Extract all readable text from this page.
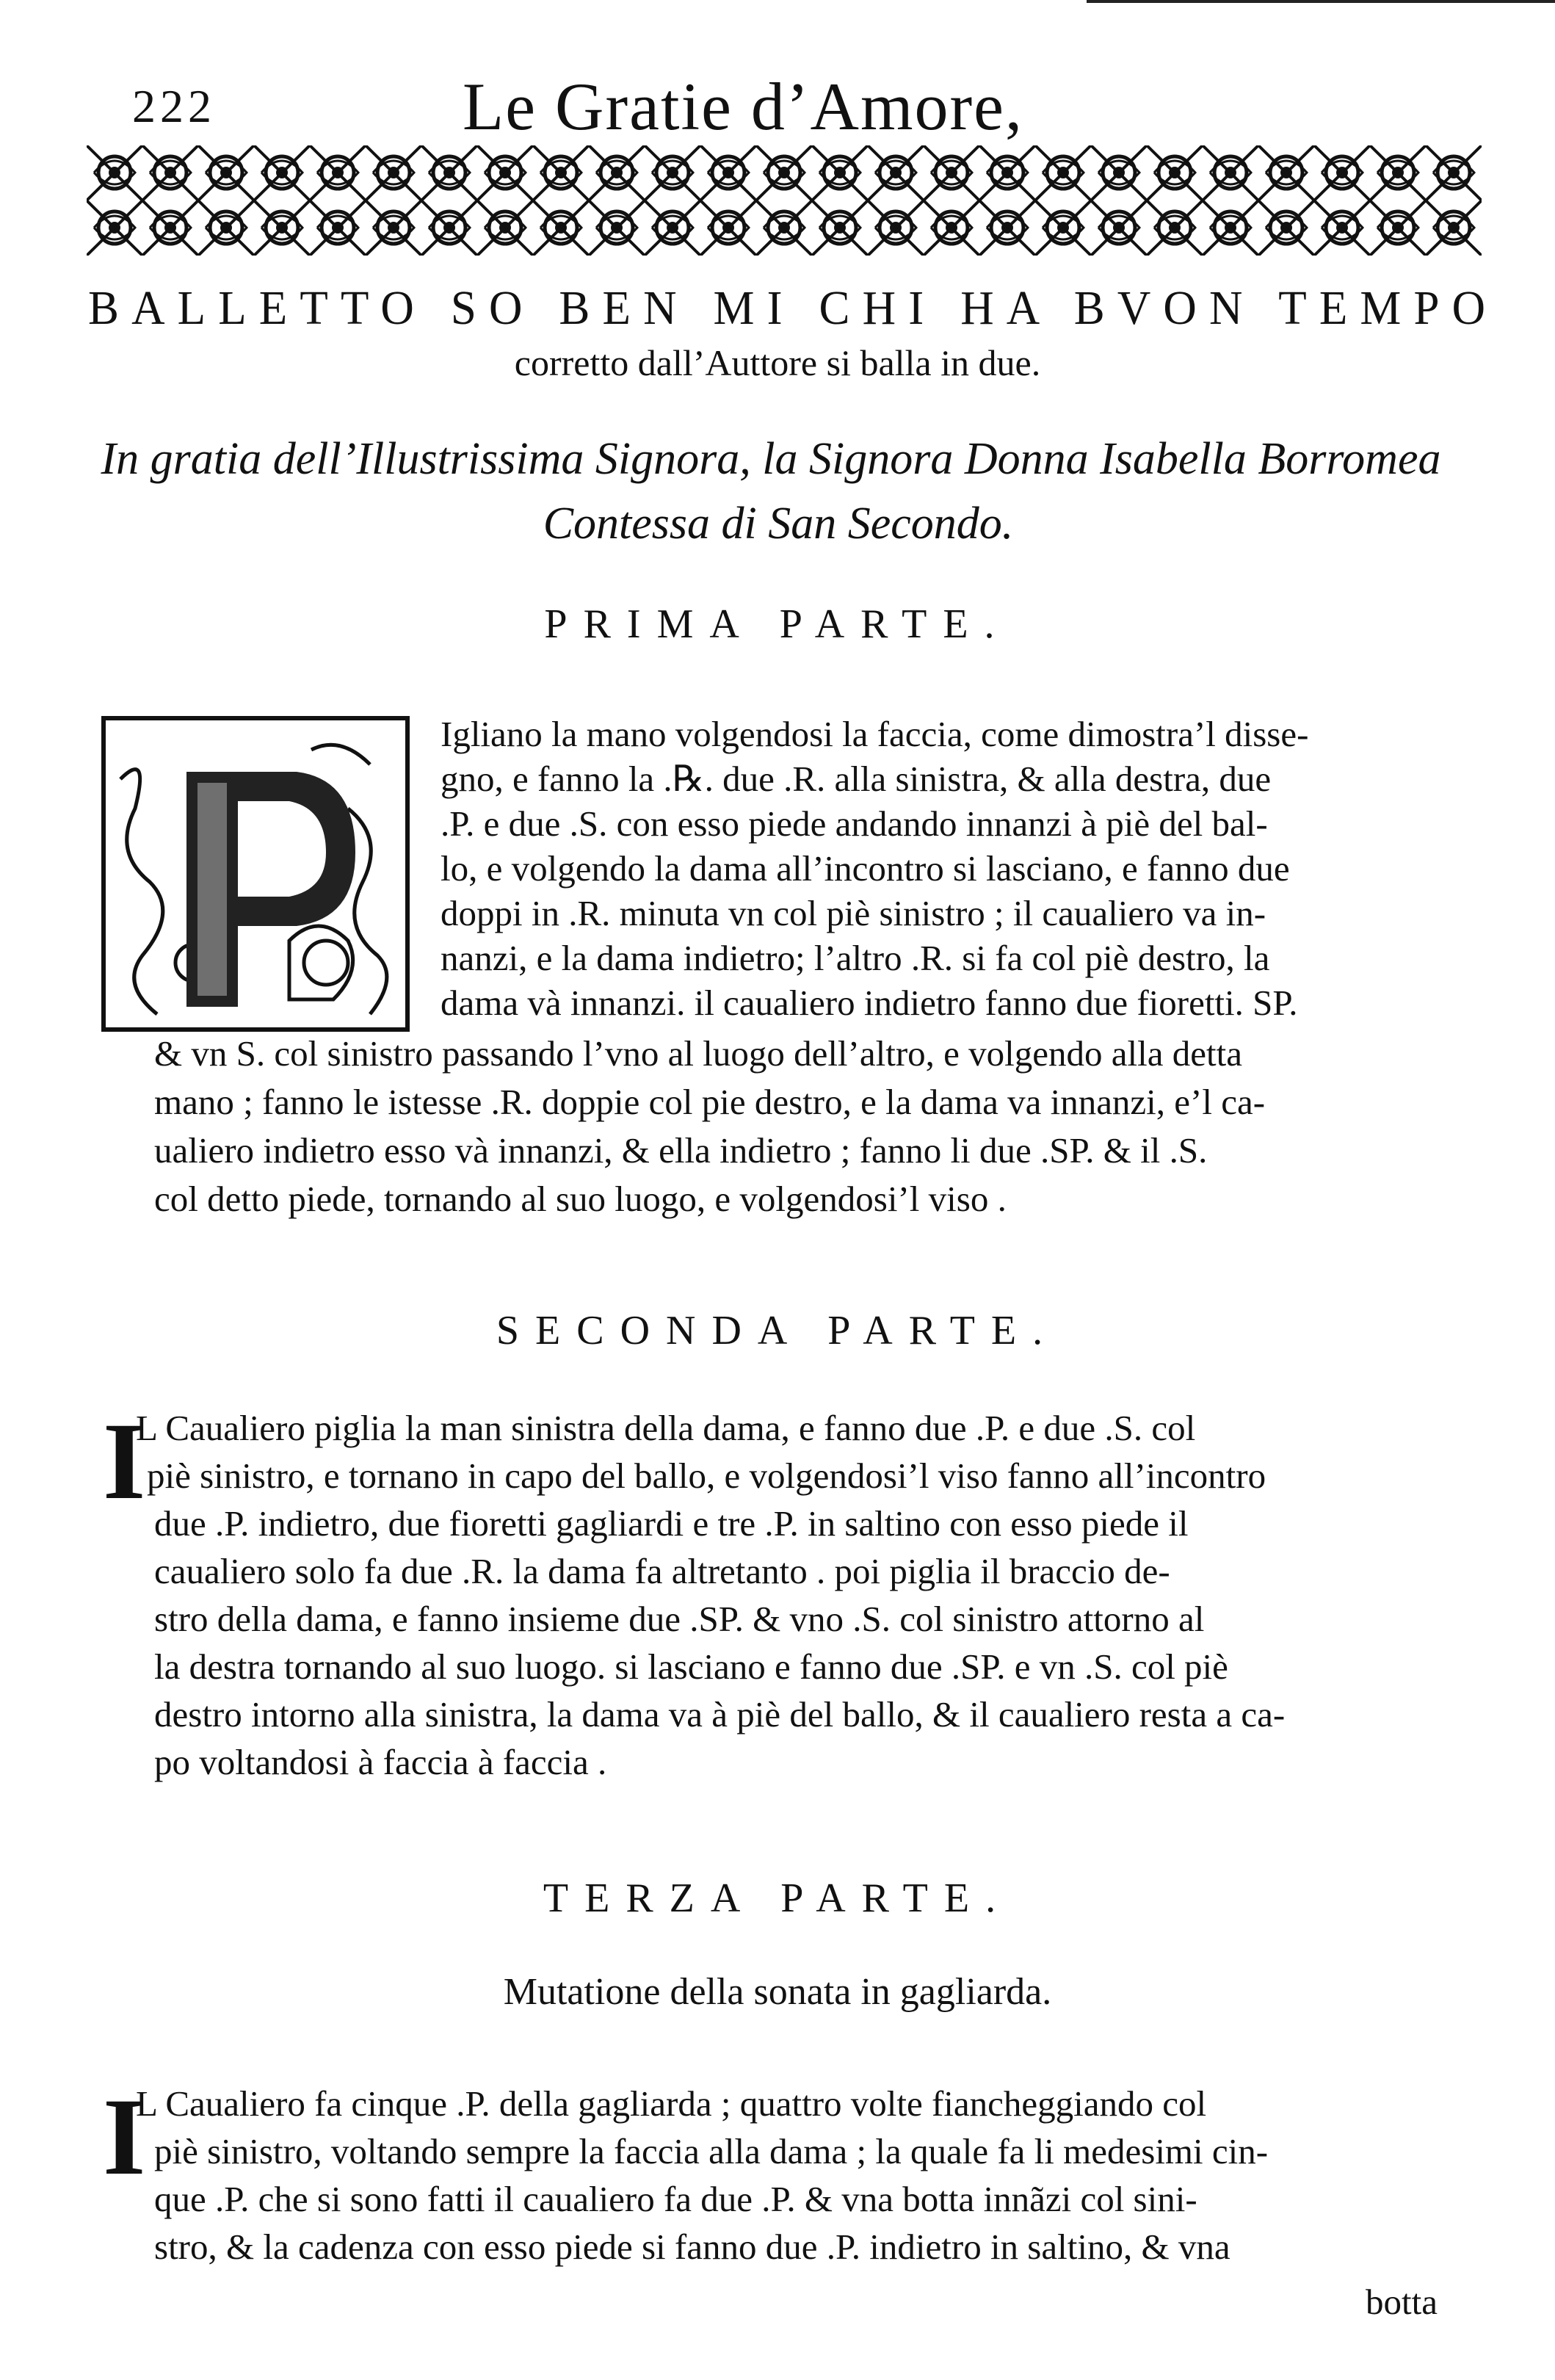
222	Le Gratie d’Amore,
BALLETTO SO BEN MI CHI HA BVON TEMPO
corretto dall’Auttore si balla in due.
In gratia dell’Illustrissima Signora, la Signora Donna Isabella Borromea
Contessa di San Secondo.
PRIMA PARTE.
Igliano la mano volgendosi la faccia, come dimostra’l disse-
gno, e fanno la .℞. due .R. alla sinistra, & alla destra, due
.P. e due .S. con esso piede andando innanzi à piè del bal-
lo, e volgendo la dama all’incontro si lasciano, e fanno due
doppi in .R. minuta vn col piè sinistro ; il caualiero va in-
nanzi, e la dama indietro; l’altro .R. si fa col piè destro, la
dama và innanzi. il caualiero indietro fanno due fioretti. SP.
& vn S. col sinistro passando l’vno al luogo dell’altro, e volgendo alla detta
mano ; fanno le istesse .R. doppie col pie destro, e la dama va innanzi, e’l ca-
ualiero indietro esso và innanzi, & ella indietro ; fanno li due .SP. & il .S.
col detto piede, tornando al suo luogo, e volgendosi’l viso .
SECONDA PARTE.
I
L Caualiero piglia la man sinistra della dama, e fanno due .P. e due .S. col
piè sinistro, e tornano in capo del ballo, e volgendosi’l viso fanno all’incontro
due .P. indietro, due fioretti gagliardi e tre .P. in saltino con esso piede il
caualiero solo fa due .R. la dama fa altretanto . poi piglia il braccio de-
stro della dama, e fanno insieme due .SP. & vno .S. col sinistro attorno al
la destra tornando al suo luogo. si lasciano e fanno due .SP. e vn .S. col piè
destro intorno alla sinistra, la dama va à piè del ballo, & il caualiero resta a ca-
po voltandosi à faccia à faccia .
TERZA PARTE.
Mutatione della sonata in gagliarda.
I
L Caualiero fa cinque .P. della gagliarda ; quattro volte fiancheggiando col
piè sinistro, voltando sempre la faccia alla dama ; la quale fa li medesimi cin-
que .P. che si sono fatti il caualiero fa due .P. & vna botta innãzi col sini-
stro, & la cadenza con esso piede si fanno due .P. indietro in saltino, & vna
botta
